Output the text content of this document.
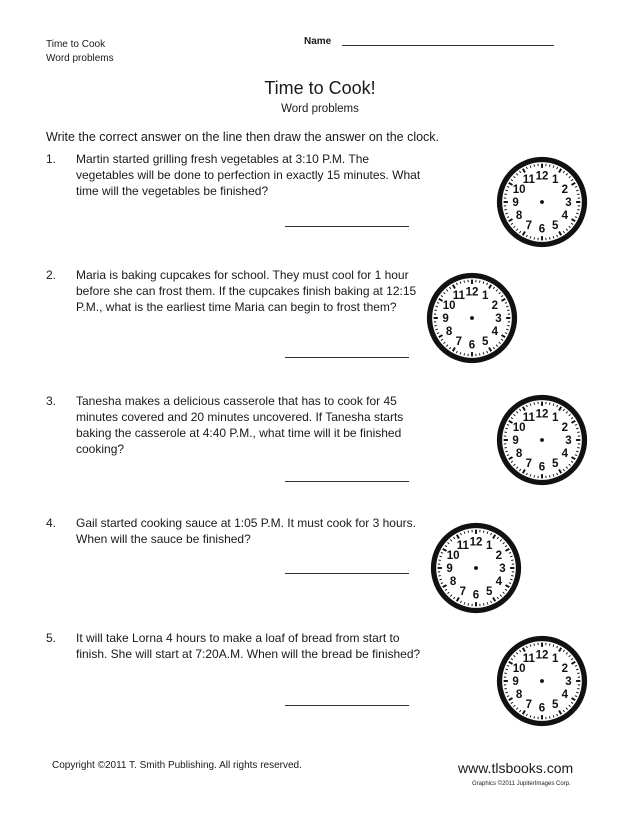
Time to Cook
Word problems
Name
Time to Cook!
Word problems
Write the correct answer on the line then draw the answer on the clock.
1. Martin started grilling fresh vegetables at 3:10 P.M. The vegetables will be done to perfection in exactly 15 minutes. What time will the vegetables be finished?
12 1
2
3
4
5
6
7
8
9
10
11
2. Maria is baking cupcakes for school. They must cool for 1 hour before she can frost them. If the cupcakes finish baking at 12:15 P.M., what is the earliest time Maria can begin to frost them?
12 1
2
3
4
5
6
7
8
9
10
11
3. Tanesha makes a delicious casserole that has to cook for 45 minutes covered and 20 minutes uncovered. If Tanesha starts baking the casserole at 4:40 P.M., what time will it be finished cooking?
12 1
2
3
4
5
6
7
8
9
10
11
4. Gail started cooking sauce at 1:05 P.M. It must cook for 3 hours. When will the sauce be finished?	12 1
2
3
4
5
6
7
8
9
10
11
5. It will take Lorna 4 hours to make a loaf of bread from start to finish. She will start at 7:20A.M. When will the bread be finished?	12 1
2
3
4
5
6
7
8
9
10
11
Copyright ©2011 T. Smith Publishing. All rights reserved.	www.tlsbooks.com
Graphics ©2011 JupiterImages Corp.
